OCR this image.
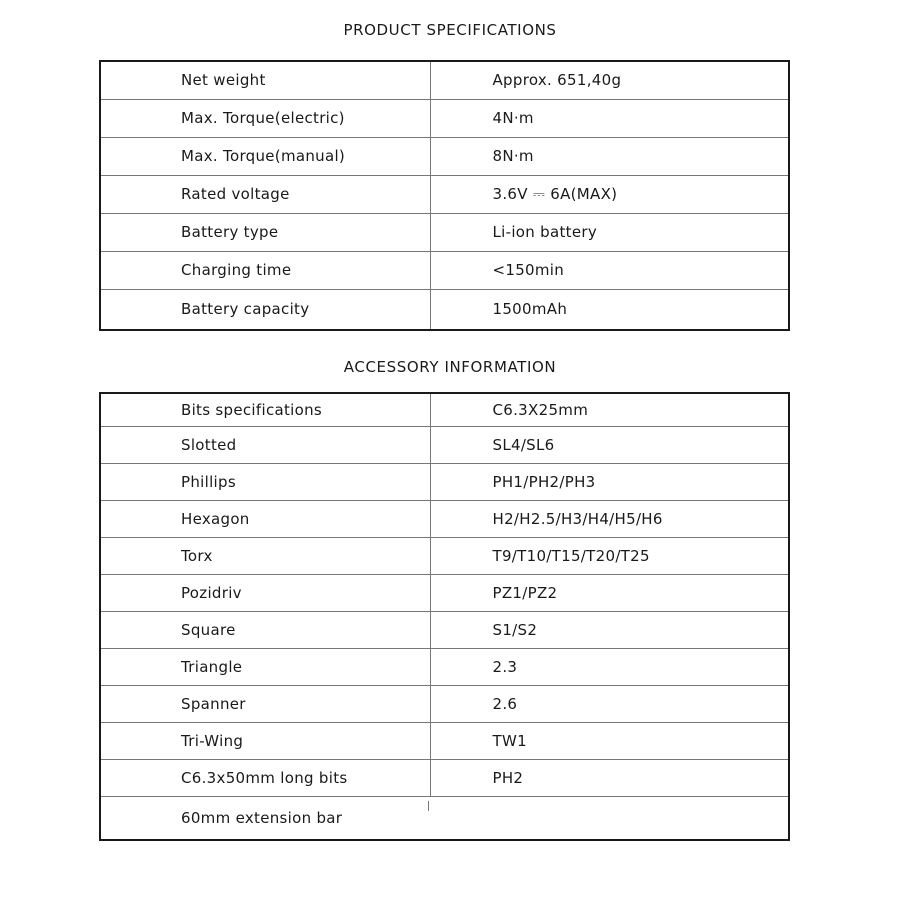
PRODUCT SPECIFICATIONS
Net weight	Approx. 651,40g
Max. Torque(electric)	4N·m
Max. Torque(manual)	8N·m
Rated voltage	3.6V ⎓ 6A(MAX)
Battery type	Li-ion battery
Charging time	<150min
Battery capacity	1500mAh
ACCESSORY INFORMATION
Bits specifications	C6.3X25mm
Slotted	SL4/SL6
Phillips	PH1/PH2/PH3
Hexagon	H2/H2.5/H3/H4/H5/H6
Torx	T9/T10/T15/T20/T25
Pozidriv	PZ1/PZ2
Square	S1/S2
Triangle	2.3
Spanner	2.6
Tri-Wing	TW1
C6.3x50mm long bits	PH2
60mm extension bar	
